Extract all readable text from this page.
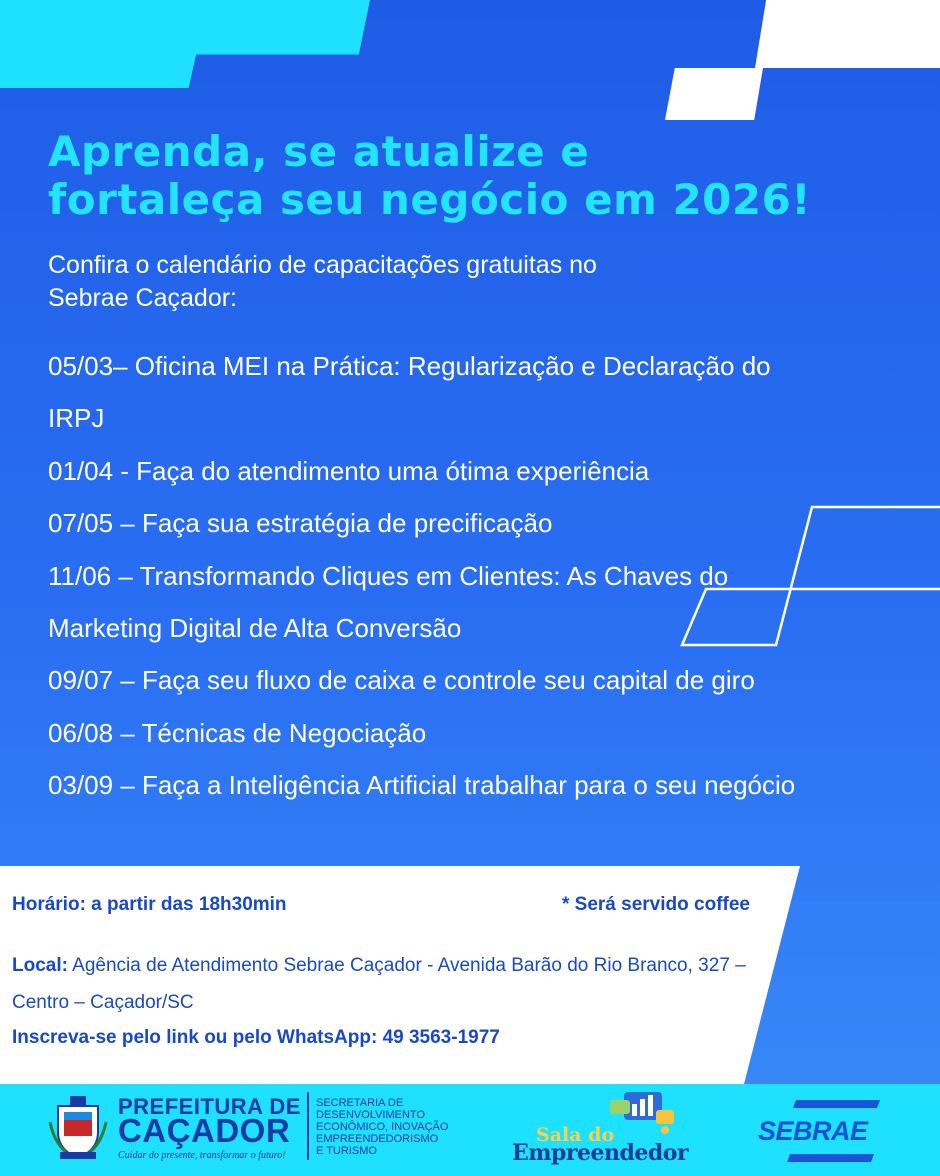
Aprenda, se atualize e
fortaleça seu negócio em 2026!

Confira o calendário de capacitações gratuitas no
Sebrae Caçador:

05/03– Oficina MEI na Prática: Regularização e Declaração do
IRPJ
01/04 - Faça do atendimento uma ótima experiência
07/05 – Faça sua estratégia de precificação
11/06 – Transformando Cliques em Clientes: As Chaves do
Marketing Digital de Alta Conversão
09/07 – Faça seu fluxo de caixa e controle seu capital de giro
06/08 – Técnicas de Negociação
03/09 – Faça a Inteligência Artificial trabalhar para o seu negócio
Horário: a partir das 18h30min	* Será servido coffee
Local: Agência de Atendimento Sebrae Caçador - Avenida Barão do Rio Branco, 327 – Centro – Caçador/SC
Inscreva-se pelo link ou pelo WhatsApp: 49 3563-1977
PREFEITURA DE
CAÇADOR
Cuidar do presente, transformar o futuro!
SECRETARIA DE
DESENVOLVIMENTO
ECONÔMICO, INOVAÇÃO
EMPREENDEDORISMO
E TURISMO
Sala do
Empreendedor
SEBRAE
